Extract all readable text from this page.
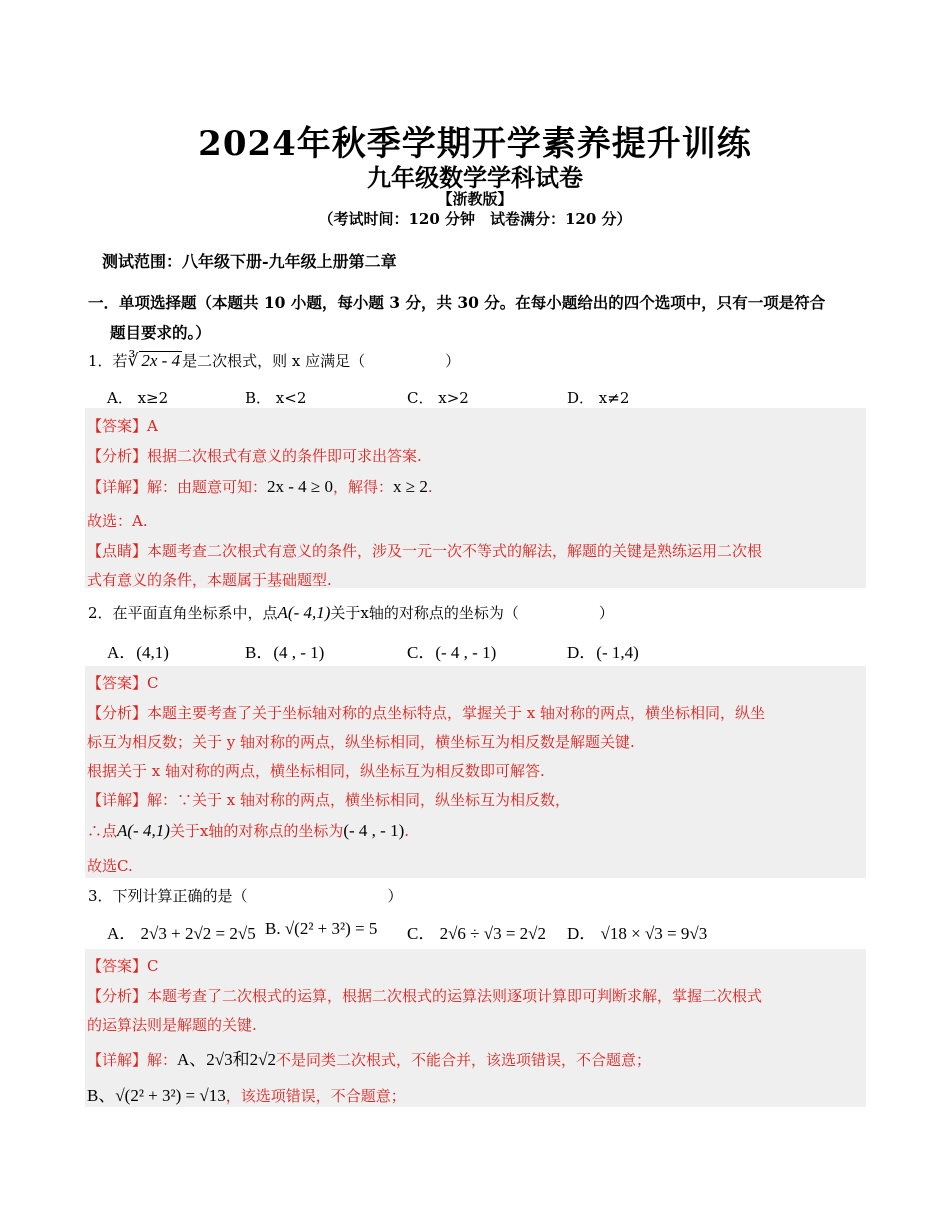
2024年秋季学期开学素养提升训练
九年级数学学科试卷
【浙教版】
（考试时间：120 分钟　试卷满分：120 分）
测试范围：八年级下册-九年级上册第二章
一．单项选择题（本题共 10 小题，每小题 3 分，共 30 分。在每小题给出的四个选项中，只有一项是符合
题目要求的。）
1．若∛ 2x - 4 是二次根式，则 x 应满足（	）
A． x≥2	B． x<2	C． x>2	D． x≠2
【答案】A
【分析】根据二次根式有意义的条件即可求出答案.
【详解】解：由题意可知：2x - 4 ≥ 0，解得：x ≥ 2.
故选：A.
【点睛】本题考查二次根式有意义的条件，涉及一元一次不等式的解法，解题的关键是熟练运用二次根
式有意义的条件，本题属于基础题型.
2．在平面直角坐标系中，点A(- 4,1)关于x轴的对称点的坐标为（	）
A．(4,1)	B．(4 , - 1)	C．(- 4 , - 1)	D．(- 1,4)
【答案】C
【分析】本题主要考查了关于坐标轴对称的点坐标特点，掌握关于 x 轴对称的两点，横坐标相同，纵坐
标互为相反数；关于 y 轴对称的两点，纵坐标相同，横坐标互为相反数是解题关键.
根据关于 x 轴对称的两点，横坐标相同，纵坐标互为相反数即可解答.
【详解】解：∵关于 x 轴对称的两点，横坐标相同，纵坐标互为相反数，
∴点A(- 4,1)关于x轴的对称点的坐标为(- 4 , - 1).
故选C.
3．下列计算正确的是（	）
A． 2√3 + 2√2 = 2√5 B. √(2² + 3²) = 5 C． 2√6 ÷ √3 = 2√2 D． √18 × √3 = 9√3
【答案】C
【分析】本题考查了二次根式的运算，根据二次根式的运算法则逐项计算即可判断求解，掌握二次根式
的运算法则是解题的关键.
【详解】解：A、2√3和2√2不是同类二次根式，不能合并，该选项错误，不合题意；
B、√(2² + 3²) = √13，该选项错误，不合题意；
